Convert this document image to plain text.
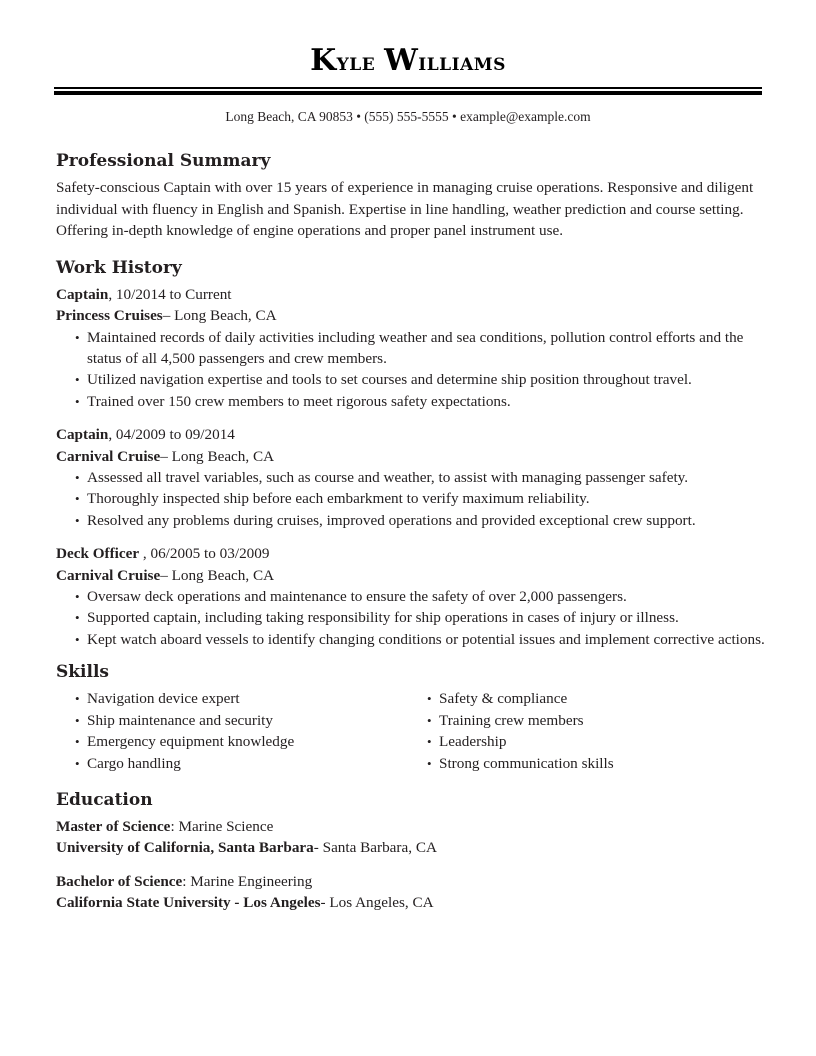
Kyle Williams
Long Beach, CA 90853 • (555) 555-5555 • example@example.com
Professional Summary

Safety-conscious Captain with over 15 years of experience in managing cruise operations. Responsive and diligent individual with fluency in English and Spanish. Expertise in line handling, weather prediction and course setting. Offering in-depth knowledge of engine operations and proper panel instrument use.

Work History
Captain, 10/2014 to Current
Princess Cruises– Long Beach, CA
• Maintained records of daily activities including weather and sea conditions, pollution control efforts and the status of all 4,500 passengers and crew members.
• Utilized navigation expertise and tools to set courses and determine ship position throughout travel.
• Trained over 150 crew members to meet rigorous safety expectations.
Captain, 04/2009 to 09/2014
Carnival Cruise– Long Beach, CA
• Assessed all travel variables, such as course and weather, to assist with managing passenger safety.
• Thoroughly inspected ship before each embarkment to verify maximum reliability.
• Resolved any problems during cruises, improved operations and provided exceptional crew support.
Deck Officer , 06/2005 to 03/2009
Carnival Cruise– Long Beach, CA
• Oversaw deck operations and maintenance to ensure the safety of over 2,000 passengers.
• Supported captain, including taking responsibility for ship operations in cases of injury or illness.
• Kept watch aboard vessels to identify changing conditions or potential issues and implement corrective actions.
Skills
• Navigation device expert
• Ship maintenance and security
• Emergency equipment knowledge
• Cargo handling
• Safety & compliance
• Training crew members
• Leadership
• Strong communication skills
Education
Master of Science: Marine Science
University of California, Santa Barbara- Santa Barbara, CA
Bachelor of Science: Marine Engineering
California State University - Los Angeles- Los Angeles, CA
